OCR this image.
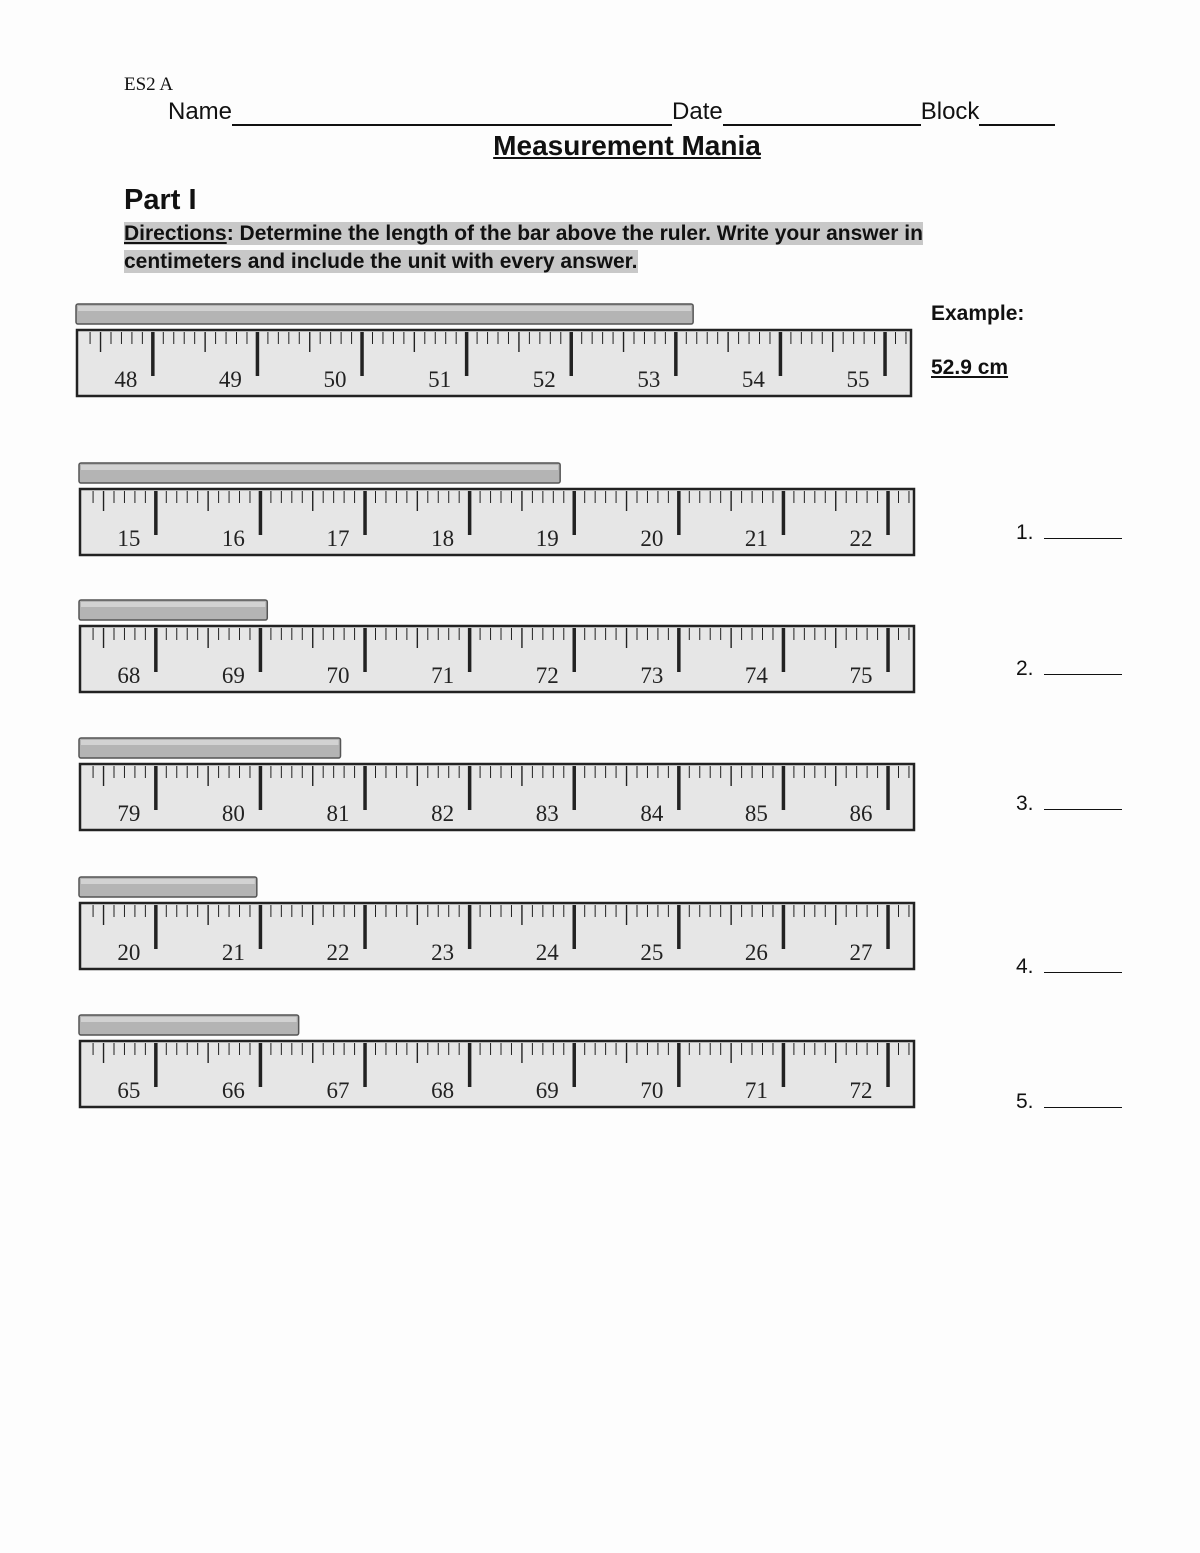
ES2 A
Name	Date	Block
Measurement Mania
Part I
Directions: Determine the length of the bar above the ruler. Write your answer in centimeters and include the unit with every answer.
Example:
52.9 cm
48	49	50	51	52	53	54	55
15	16	17	18	19	20	21	22
68	69	70	71	72	73	74	75
79	80	81	82	83	84	85	86
20	21	22	23	24	25	26	27
65	66	67	68	69	70	71	72
1.
2.
3.
4.
5.
